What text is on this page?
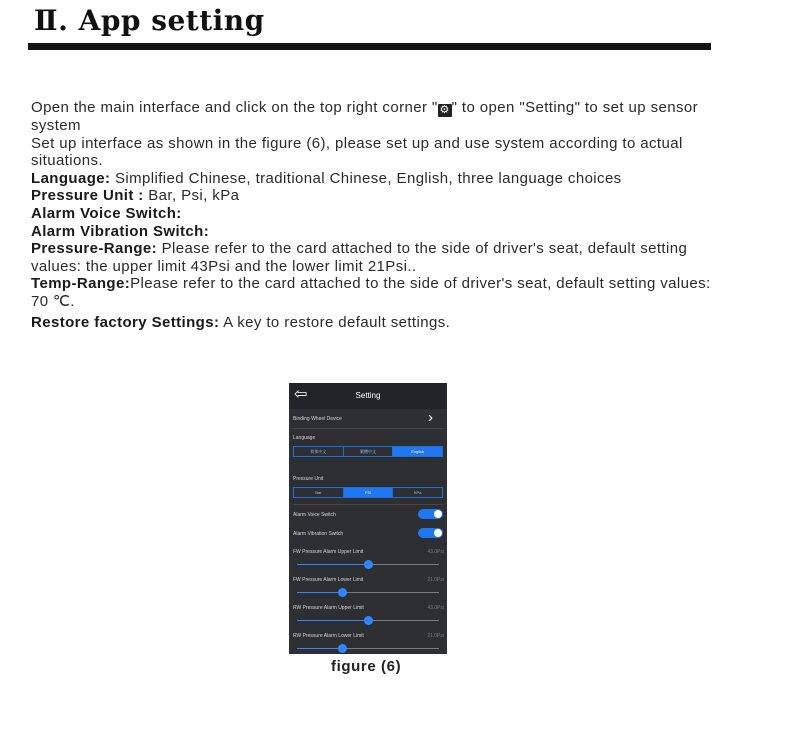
Ⅱ. App setting

Open the main interface and click on the top right corner " ⚙ " to open "Setting" to set up sensor system

Set up interface as shown in the figure (6), please set up and use system according to actual situations.

Language: Simplified Chinese, traditional Chinese, English, three language choices

Pressure Unit : Bar, Psi, kPa

Alarm Voice Switch:

Alarm Vibration Switch:

Pressure-Range: Please refer to the card attached to the side of driver's seat, default setting values: the upper limit 43Psi and the lower limit 21Psi..

Temp-Range:Please refer to the card attached to the side of driver's seat, default setting values: 70 ℃.

Restore factory Settings: A key to restore default settings.

⇦	Setting
Binding Wheel Device	›
Language
简体中文	繁體中文	English
Pressure Unit
Bar	PSI	KPa
Alarm Voice Switch
Alarm Vibration Switch
FW Pressure Alarm Upper Limit	43.0Psi
FW Pressure Alarm Lower Limit	21.0Psi
RW Pressure Alarm Upper Limit	43.0Psi
RW Pressure Alarm Lower Limit	21.0Psi
figure (6)
